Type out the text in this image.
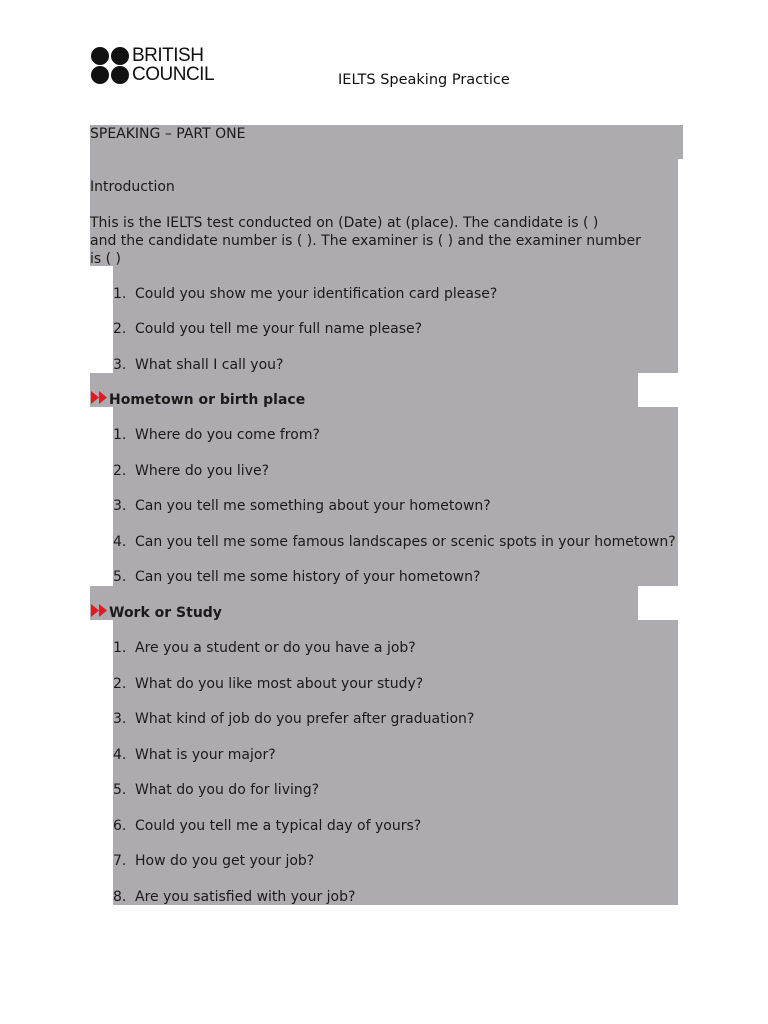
BRITISH
COUNCIL	IELTS Speaking Practice
SPEAKING – PART ONE
Introduction
This is the IELTS test conducted on (Date) at (place). The candidate is ( )
and the candidate number is ( ). The examiner is ( ) and the examiner number
is ( )
1. Could you show me your identification card please?
2. Could you tell me your full name please?
3. What shall I call you?
Hometown or birth place
1. Where do you come from?
2. Where do you live?
3. Can you tell me something about your hometown?
4. Can you tell me some famous landscapes or scenic spots in your hometown?
5. Can you tell me some history of your hometown?
Work or Study
1. Are you a student or do you have a job?
2. What do you like most about your study?
3. What kind of job do you prefer after graduation?
4. What is your major?
5. What do you do for living?
6. Could you tell me a typical day of yours?
7. How do you get your job?
8. Are you satisfied with your job?
